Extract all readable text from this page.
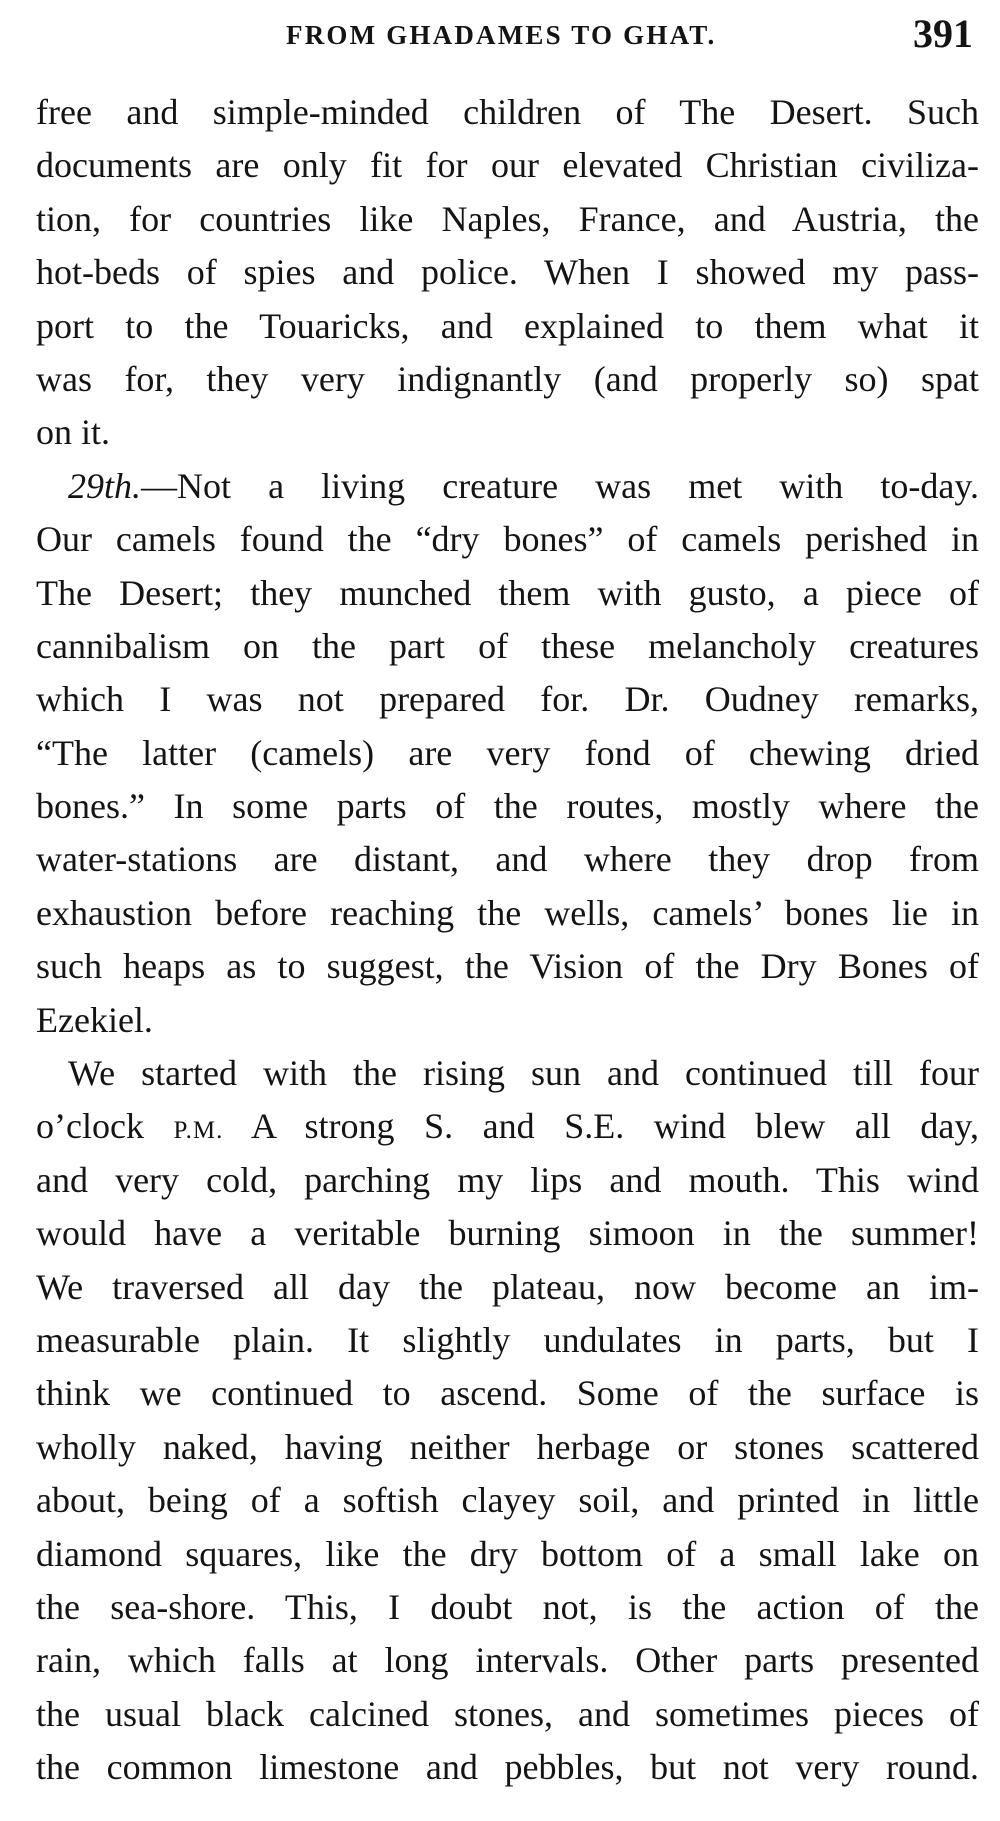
FROM GHADAMES TO GHAT.	391
free and simple-minded children of The Desert. Such
documents are only fit for our elevated Christian civiliza-
tion, for countries like Naples, France, and Austria, the
hot-beds of spies and police. When I showed my pass-
port to the Touaricks, and explained to them what it
was for, they very indignantly (and properly so) spat
on it.
29th.—Not a living creature was met with to-day.
Our camels found the “dry bones” of camels perished in
The Desert; they munched them with gusto, a piece of
cannibalism on the part of these melancholy creatures
which I was not prepared for. Dr. Oudney remarks,
“The latter (camels) are very fond of chewing dried
bones.” In some parts of the routes, mostly where the
water-stations are distant, and where they drop from
exhaustion before reaching the wells, camels’ bones lie in
such heaps as to suggest, the Vision of the Dry Bones of
Ezekiel.
We started with the rising sun and continued till four
o’clock P.M. A strong S. and S.E. wind blew all day,
and very cold, parching my lips and mouth. This wind
would have a veritable burning simoon in the summer!
We traversed all day the plateau, now become an im-
measurable plain. It slightly undulates in parts, but I
think we continued to ascend. Some of the surface is
wholly naked, having neither herbage or stones scattered
about, being of a softish clayey soil, and printed in little
diamond squares, like the dry bottom of a small lake on
the sea-shore. This, I doubt not, is the action of the
rain, which falls at long intervals. Other parts presented
the usual black calcined stones, and sometimes pieces of
the common limestone and pebbles, but not very round.
